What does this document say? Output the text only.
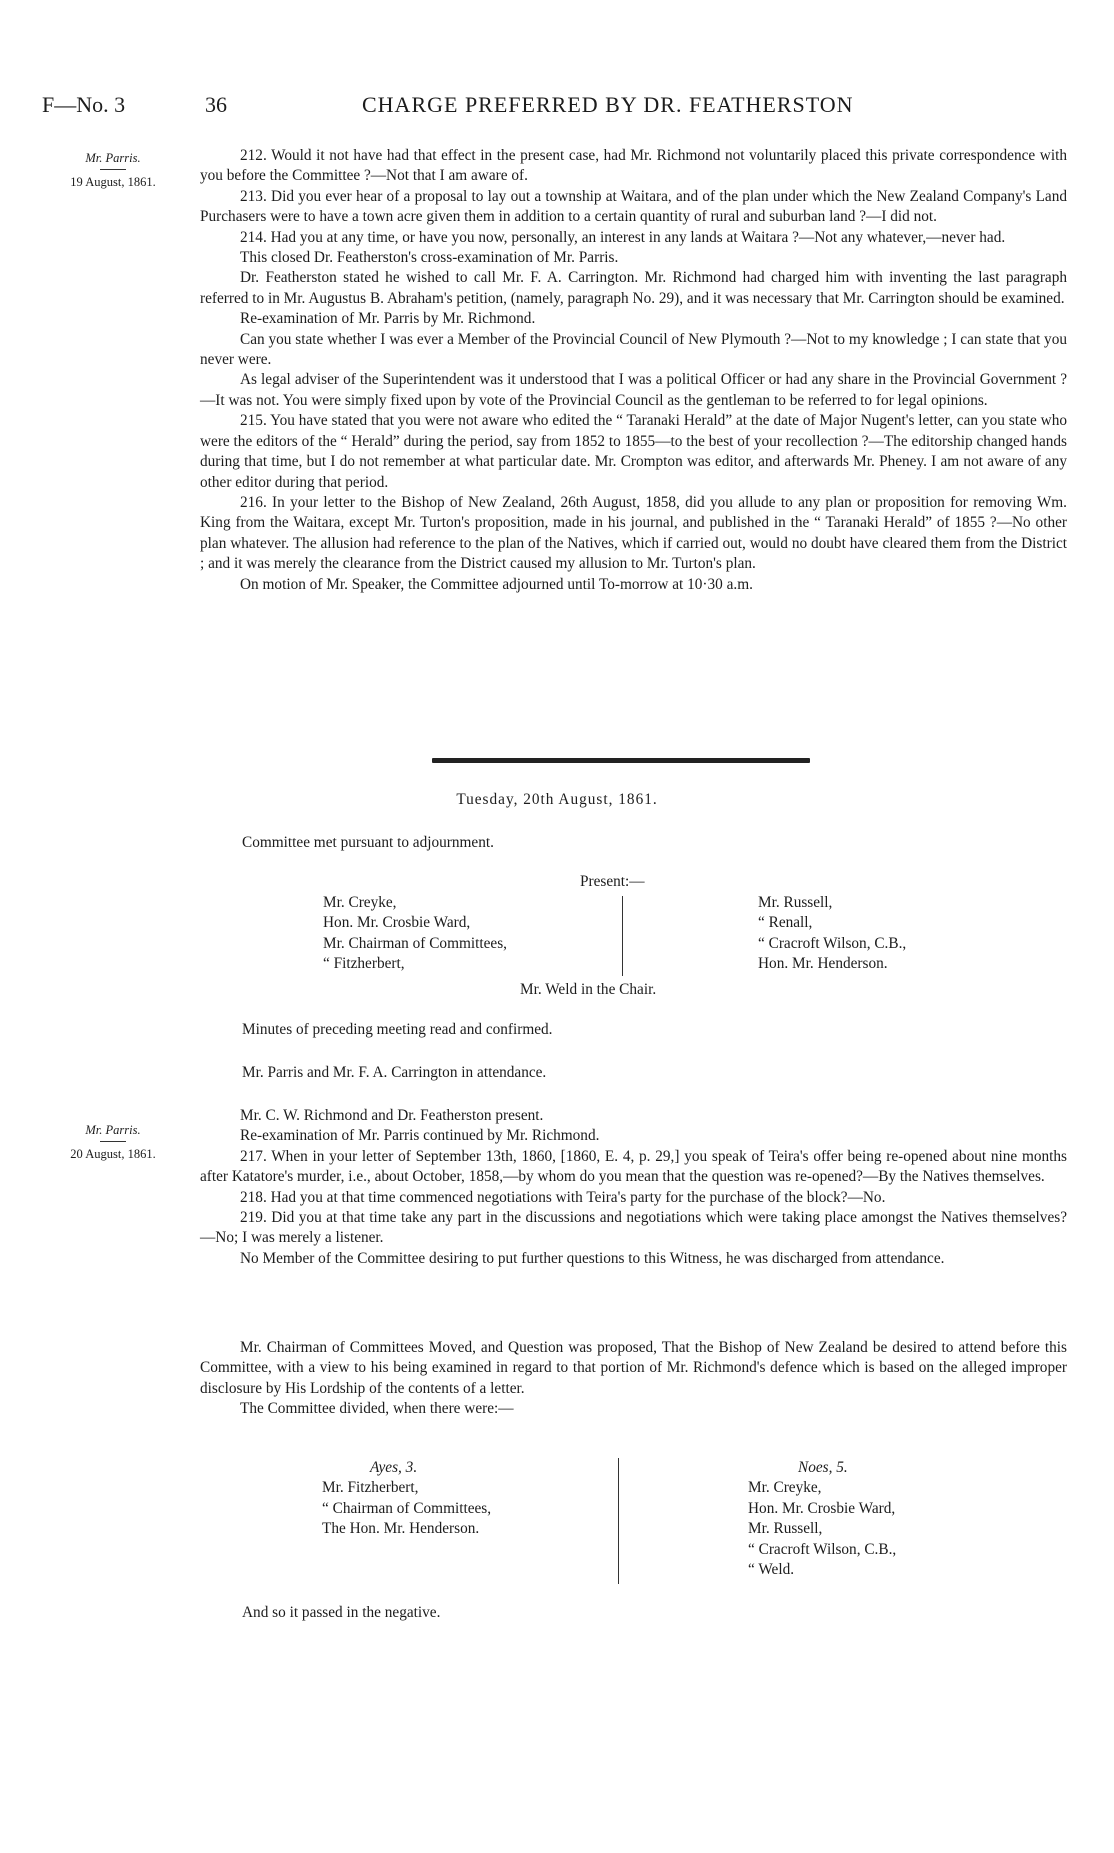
F—No. 3	36	CHARGE PREFERRED BY DR. FEATHERSTON
Mr. Parris.
19 August, 1861.

212. Would it not have had that effect in the present case, had Mr. Richmond not voluntarily placed this private correspondence with you before the Committee ?—Not that I am aware of.

213. Did you ever hear of a proposal to lay out a township at Waitara, and of the plan under which the New Zealand Company's Land Purchasers were to have a town acre given them in addition to a certain quantity of rural and suburban land ?—I did not.

214. Had you at any time, or have you now, personally, an interest in any lands at Waitara ?—Not any whatever,—never had.

This closed Dr. Featherston's cross-examination of Mr. Parris.

Dr. Featherston stated he wished to call Mr. F. A. Carrington. Mr. Richmond had charged him with inventing the last paragraph referred to in Mr. Augustus B. Abraham's petition, (namely, paragraph No. 29), and it was necessary that Mr. Carrington should be examined.

Re-examination of Mr. Parris by Mr. Richmond.

Can you state whether I was ever a Member of the Provincial Council of New Plymouth ?—Not to my knowledge ; I can state that you never were.

As legal adviser of the Superintendent was it understood that I was a political Officer or had any share in the Provincial Government ?—It was not. You were simply fixed upon by vote of the Provincial Council as the gentleman to be referred to for legal opinions.

215. You have stated that you were not aware who edited the “ Taranaki Herald” at the date of Major Nugent's letter, can you state who were the editors of the “ Herald” during the period, say from 1852 to 1855—to the best of your recollection ?—The editorship changed hands during that time, but I do not remember at what particular date. Mr. Crompton was editor, and afterwards Mr. Pheney. I am not aware of any other editor during that period.

216. In your letter to the Bishop of New Zealand, 26th August, 1858, did you allude to any plan or proposition for removing Wm. King from the Waitara, except Mr. Turton's proposition, made in his journal, and published in the “ Taranaki Herald” of 1855 ?—No other plan whatever. The allusion had reference to the plan of the Natives, which if carried out, would no doubt have cleared them from the District ; and it was merely the clearance from the District caused my allusion to Mr. Turton's plan.

On motion of Mr. Speaker, the Committee adjourned until To-morrow at 10·30 a.m.

Tuesday, 20th August, 1861.
Committee met pursuant to adjournment.
Present:—
Mr. Creyke,
Hon. Mr. Crosbie Ward,
Mr. Chairman of Committees,
“ Fitzherbert,
Mr. Russell,
“ Renall,
“ Cracroft Wilson, C.B.,
Hon. Mr. Henderson.
Mr. Weld in the Chair.
Minutes of preceding meeting read and confirmed.
Mr. Parris and Mr. F. A. Carrington in attendance.
Mr. Parris.
20 August, 1861.

Mr. C. W. Richmond and Dr. Featherston present.

Re-examination of Mr. Parris continued by Mr. Richmond.

217. When in your letter of September 13th, 1860, [1860, E. 4, p. 29,] you speak of Teira's offer being re-opened about nine months after Katatore's murder, i.e., about October, 1858,—by whom do you mean that the question was re-opened?—By the Natives themselves.

218. Had you at that time commenced negotiations with Teira's party for the purchase of the block?—No.

219. Did you at that time take any part in the discussions and negotiations which were taking place amongst the Natives themselves?—No; I was merely a listener.

No Member of the Committee desiring to put further questions to this Witness, he was discharged from attendance.

Mr. Chairman of Committees Moved, and Question was proposed, That the Bishop of New Zealand be desired to attend before this Committee, with a view to his being examined in regard to that portion of Mr. Richmond's defence which is based on the alleged improper disclosure by His Lordship of the contents of a letter.

The Committee divided, when there were:—

Ayes, 3.
Mr. Fitzherbert,
“ Chairman of Committees,
The Hon. Mr. Henderson.
Noes, 5.
Mr. Creyke,
Hon. Mr. Crosbie Ward,
Mr. Russell,
“ Cracroft Wilson, C.B.,
“ Weld.
And so it passed in the negative.
